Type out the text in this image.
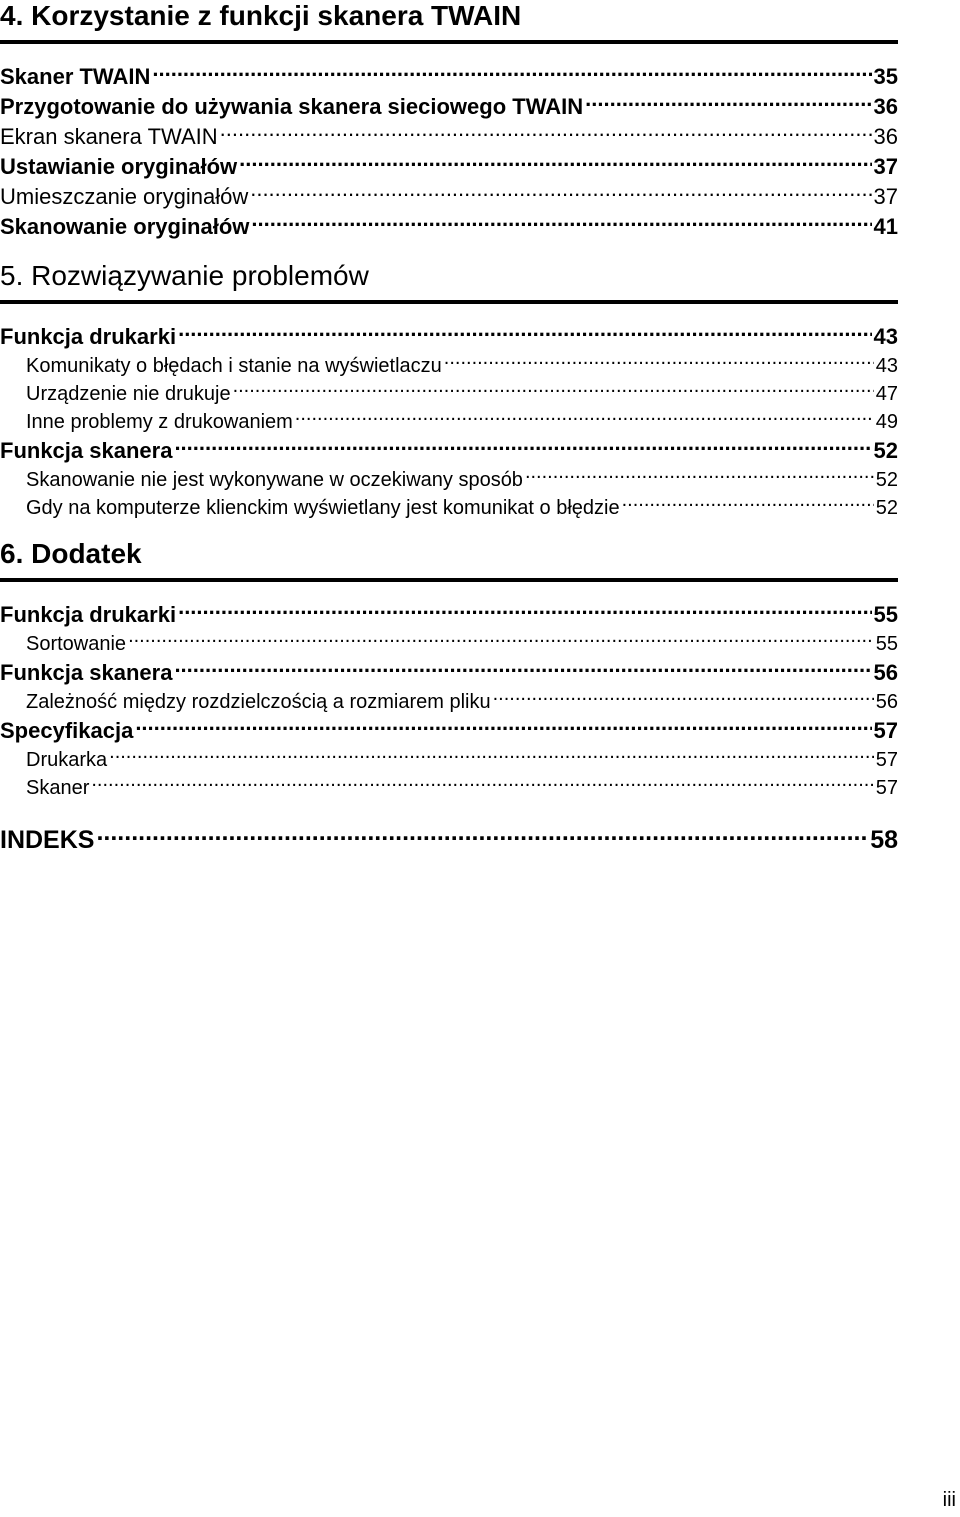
4. Korzystanie z funkcji skanera TWAIN
Skaner TWAIN .....	35
Przygotowanie do używania skanera sieciowego TWAIN .....	36
Ekran skanera TWAIN .....	36
Ustawianie oryginałów .....	37
Umieszczanie oryginałów .....	37
Skanowanie oryginałów .....	41
5. Rozwiązywanie problemów
Funkcja drukarki .....	43
Komunikaty o błędach i stanie na wyświetlaczu .....	43
Urządzenie nie drukuje .....	47
Inne problemy z drukowaniem .....	49
Funkcja skanera .....	52
Skanowanie nie jest wykonywane w oczekiwany sposób .....	52
Gdy na komputerze klienckim wyświetlany jest komunikat o błędzie .....	52
6. Dodatek
Funkcja drukarki .....	55
Sortowanie .....	55
Funkcja skanera .....	56
Zależność między rozdzielczością a rozmiarem pliku .....	56
Specyfikacja .....	57
Drukarka .....	57
Skaner .....	57
INDEKS .....	58
iii
